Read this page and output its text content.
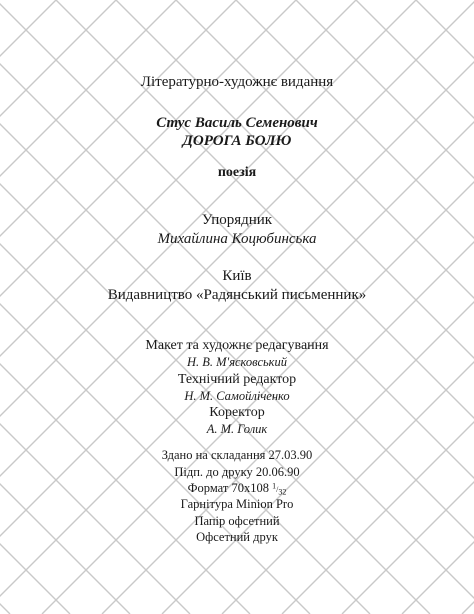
Літературно-художнє видання
Стус Василь Семенович
ДОРОГА БОЛЮ
поезія
Упорядник
Михайлина Коцюбинська
Київ
Видавництво «Радянський письменник»
Макет та художнє редагування
Н. В. М'ясковський
Технічний редактор
Н. М. Самойліченко
Коректор
А. М. Голик
Здано на складання 27.03.90
Підп. до друку 20.06.90
Формат 70х108 $^1/_{32}$
Гарнітура Minion Pro
Папір офсетний
Офсетний друк
